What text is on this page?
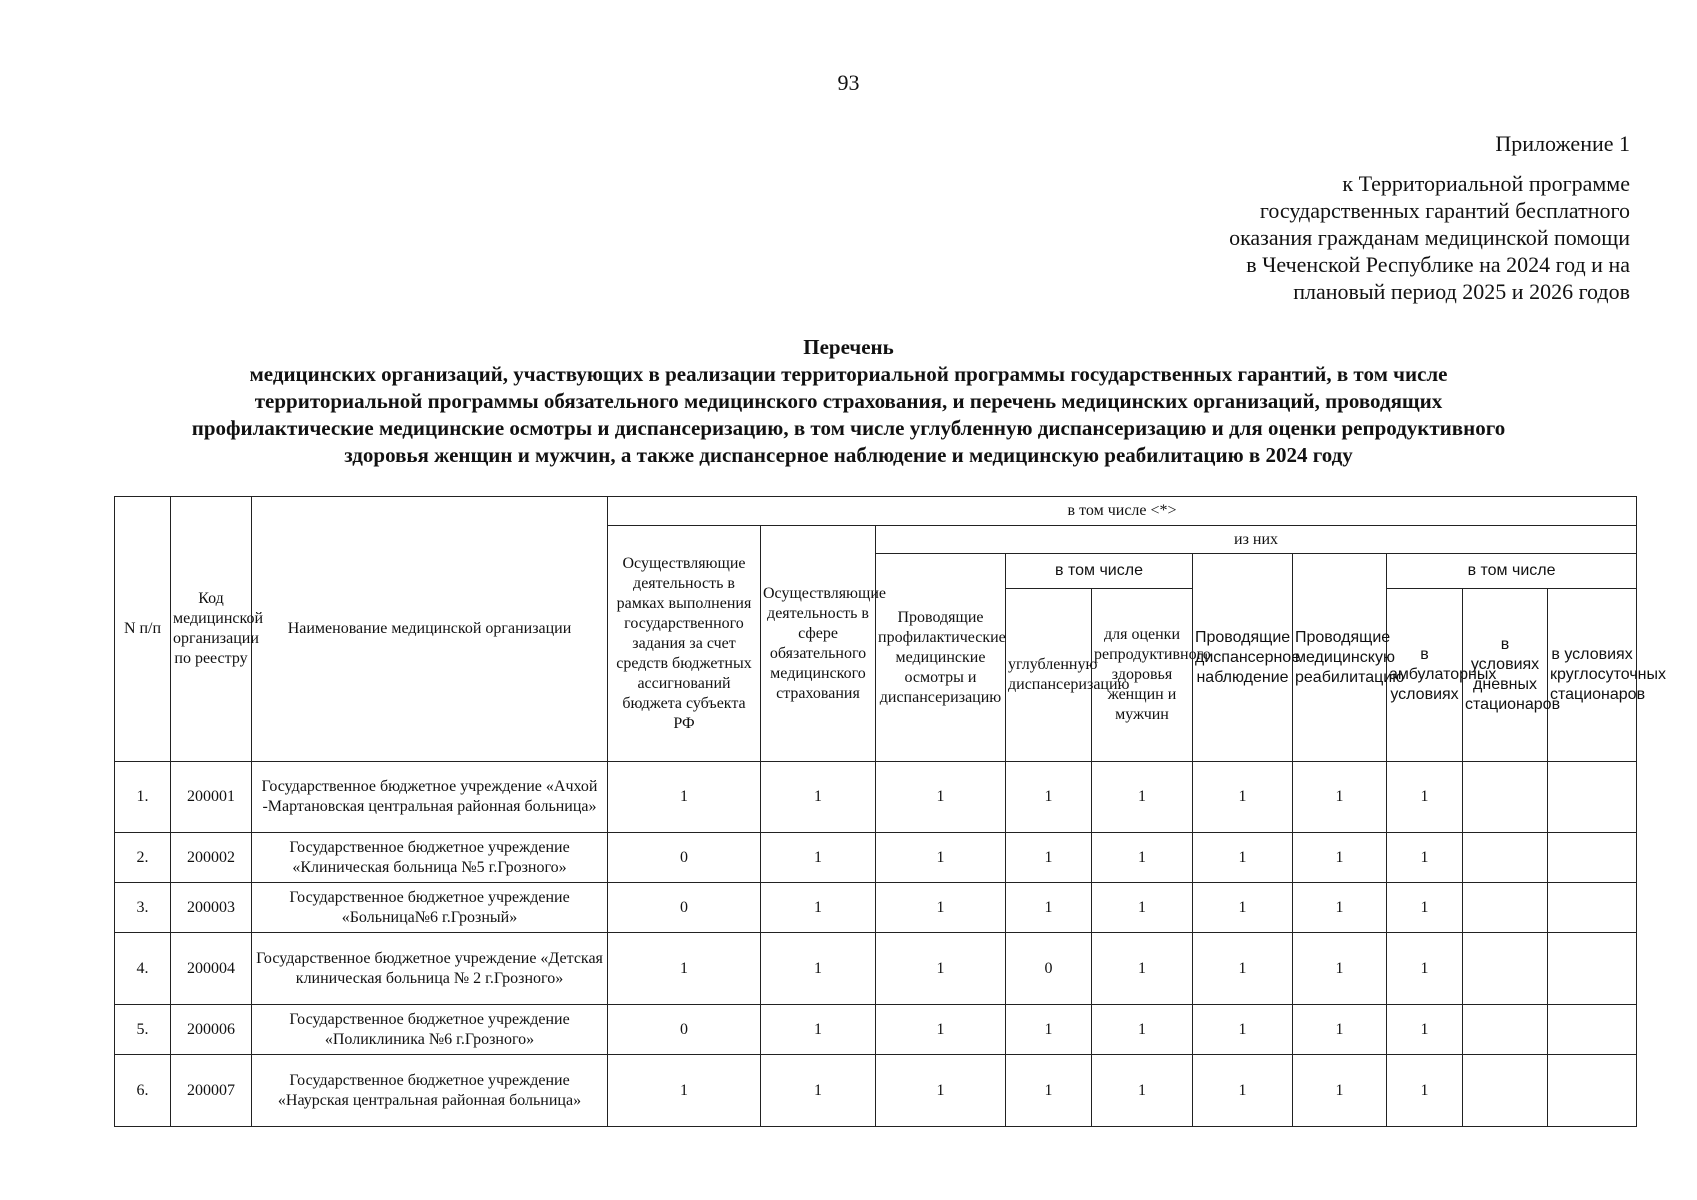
93
Приложение 1
к Территориальной программе
государственных гарантий бесплатного
оказания гражданам медицинской помощи
в Чеченской Республике на 2024 год и на
плановый период 2025 и 2026 годов
Перечень
медицинских организаций, участвующих в реализации территориальной программы государственных гарантий, в том числе
территориальной программы обязательного медицинского страхования, и перечень медицинских организаций, проводящих
профилактические медицинские осмотры и диспансеризацию, в том числе углубленную диспансеризацию и для оценки репродуктивного
здоровья женщин и мужчин, а также диспансерное наблюдение и медицинскую реабилитацию в 2024 году
N п/п	Код медицинской организации по реестру	Наименование медицинской организации	в том числе <*>									
			Осуществляющие деятельность в рамках выполнения государственного задания за счет средств бюджетных ассигнований бюджета субъекта РФ	Осуществляющие деятельность в сфере обязательного медицинского страхования	из них							
					Проводящие профилактические медицинские осмотры и диспансеризацию	в том числе		Проводящие диспансерное наблюдение	Проводящие медицинскую реабилитацию	в том числе		
						углубленную диспансеризацию	для оценки репродуктивного здоровья женщин и мужчин			в амбулаторных условиях	в условиях дневных стационаров	в условиях круглосуточных стационаров
1.	200001	Государственное бюджетное учреждение «Ачхой -Мартановская центральная районная больница»	1	1	1	1	1	1	1	1		
2.	200002	Государственное бюджетное учреждение «Клиническая больница №5 г.Грозного»	0	1	1	1	1	1	1	1		
3.	200003	Государственное бюджетное учреждение «Больница№6 г.Грозный»	0	1	1	1	1	1	1	1		
4.	200004	Государственное бюджетное учреждение «Детская клиническая больница № 2 г.Грозного»	1	1	1	0	1	1	1	1		
5.	200006	Государственное бюджетное учреждение «Поликлиника №6 г.Грозного»	0	1	1	1	1	1	1	1		
6.	200007	Государственное бюджетное учреждение «Наурская центральная районная больница»	1	1	1	1	1	1	1	1		
